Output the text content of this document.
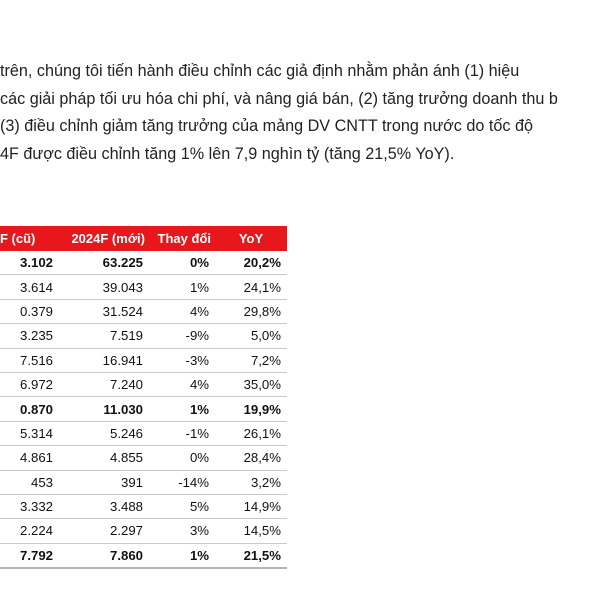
trên, chúng tôi tiến hành điều chỉnh các giả định nhằm phản ánh (1) hiệu
các giải pháp tối ưu hóa chi phí, và nâng giá bán, (2) tăng trưởng doanh thu b
(3) điều chỉnh giảm tăng trưởng của mảng DV CNTT trong nước do tốc độ
4F được điều chỉnh tăng 1% lên 7,9 nghìn tỷ (tăng 21,5% YoY).
F (cũ)	2024F (mới)	Thay đổi	YoY
3.102	63.225	0%	20,2%
3.614	39.043	1%	24,1%
0.379	31.524	4%	29,8%
3.235	7.519	-9%	5,0%
7.516	16.941	-3%	7,2%
6.972	7.240	4%	35,0%
0.870	11.030	1%	19,9%
5.314	5.246	-1%	26,1%
4.861	4.855	0%	28,4%
453	391	-14%	3,2%
3.332	3.488	5%	14,9%
2.224	2.297	3%	14,5%
7.792	7.860	1%	21,5%
